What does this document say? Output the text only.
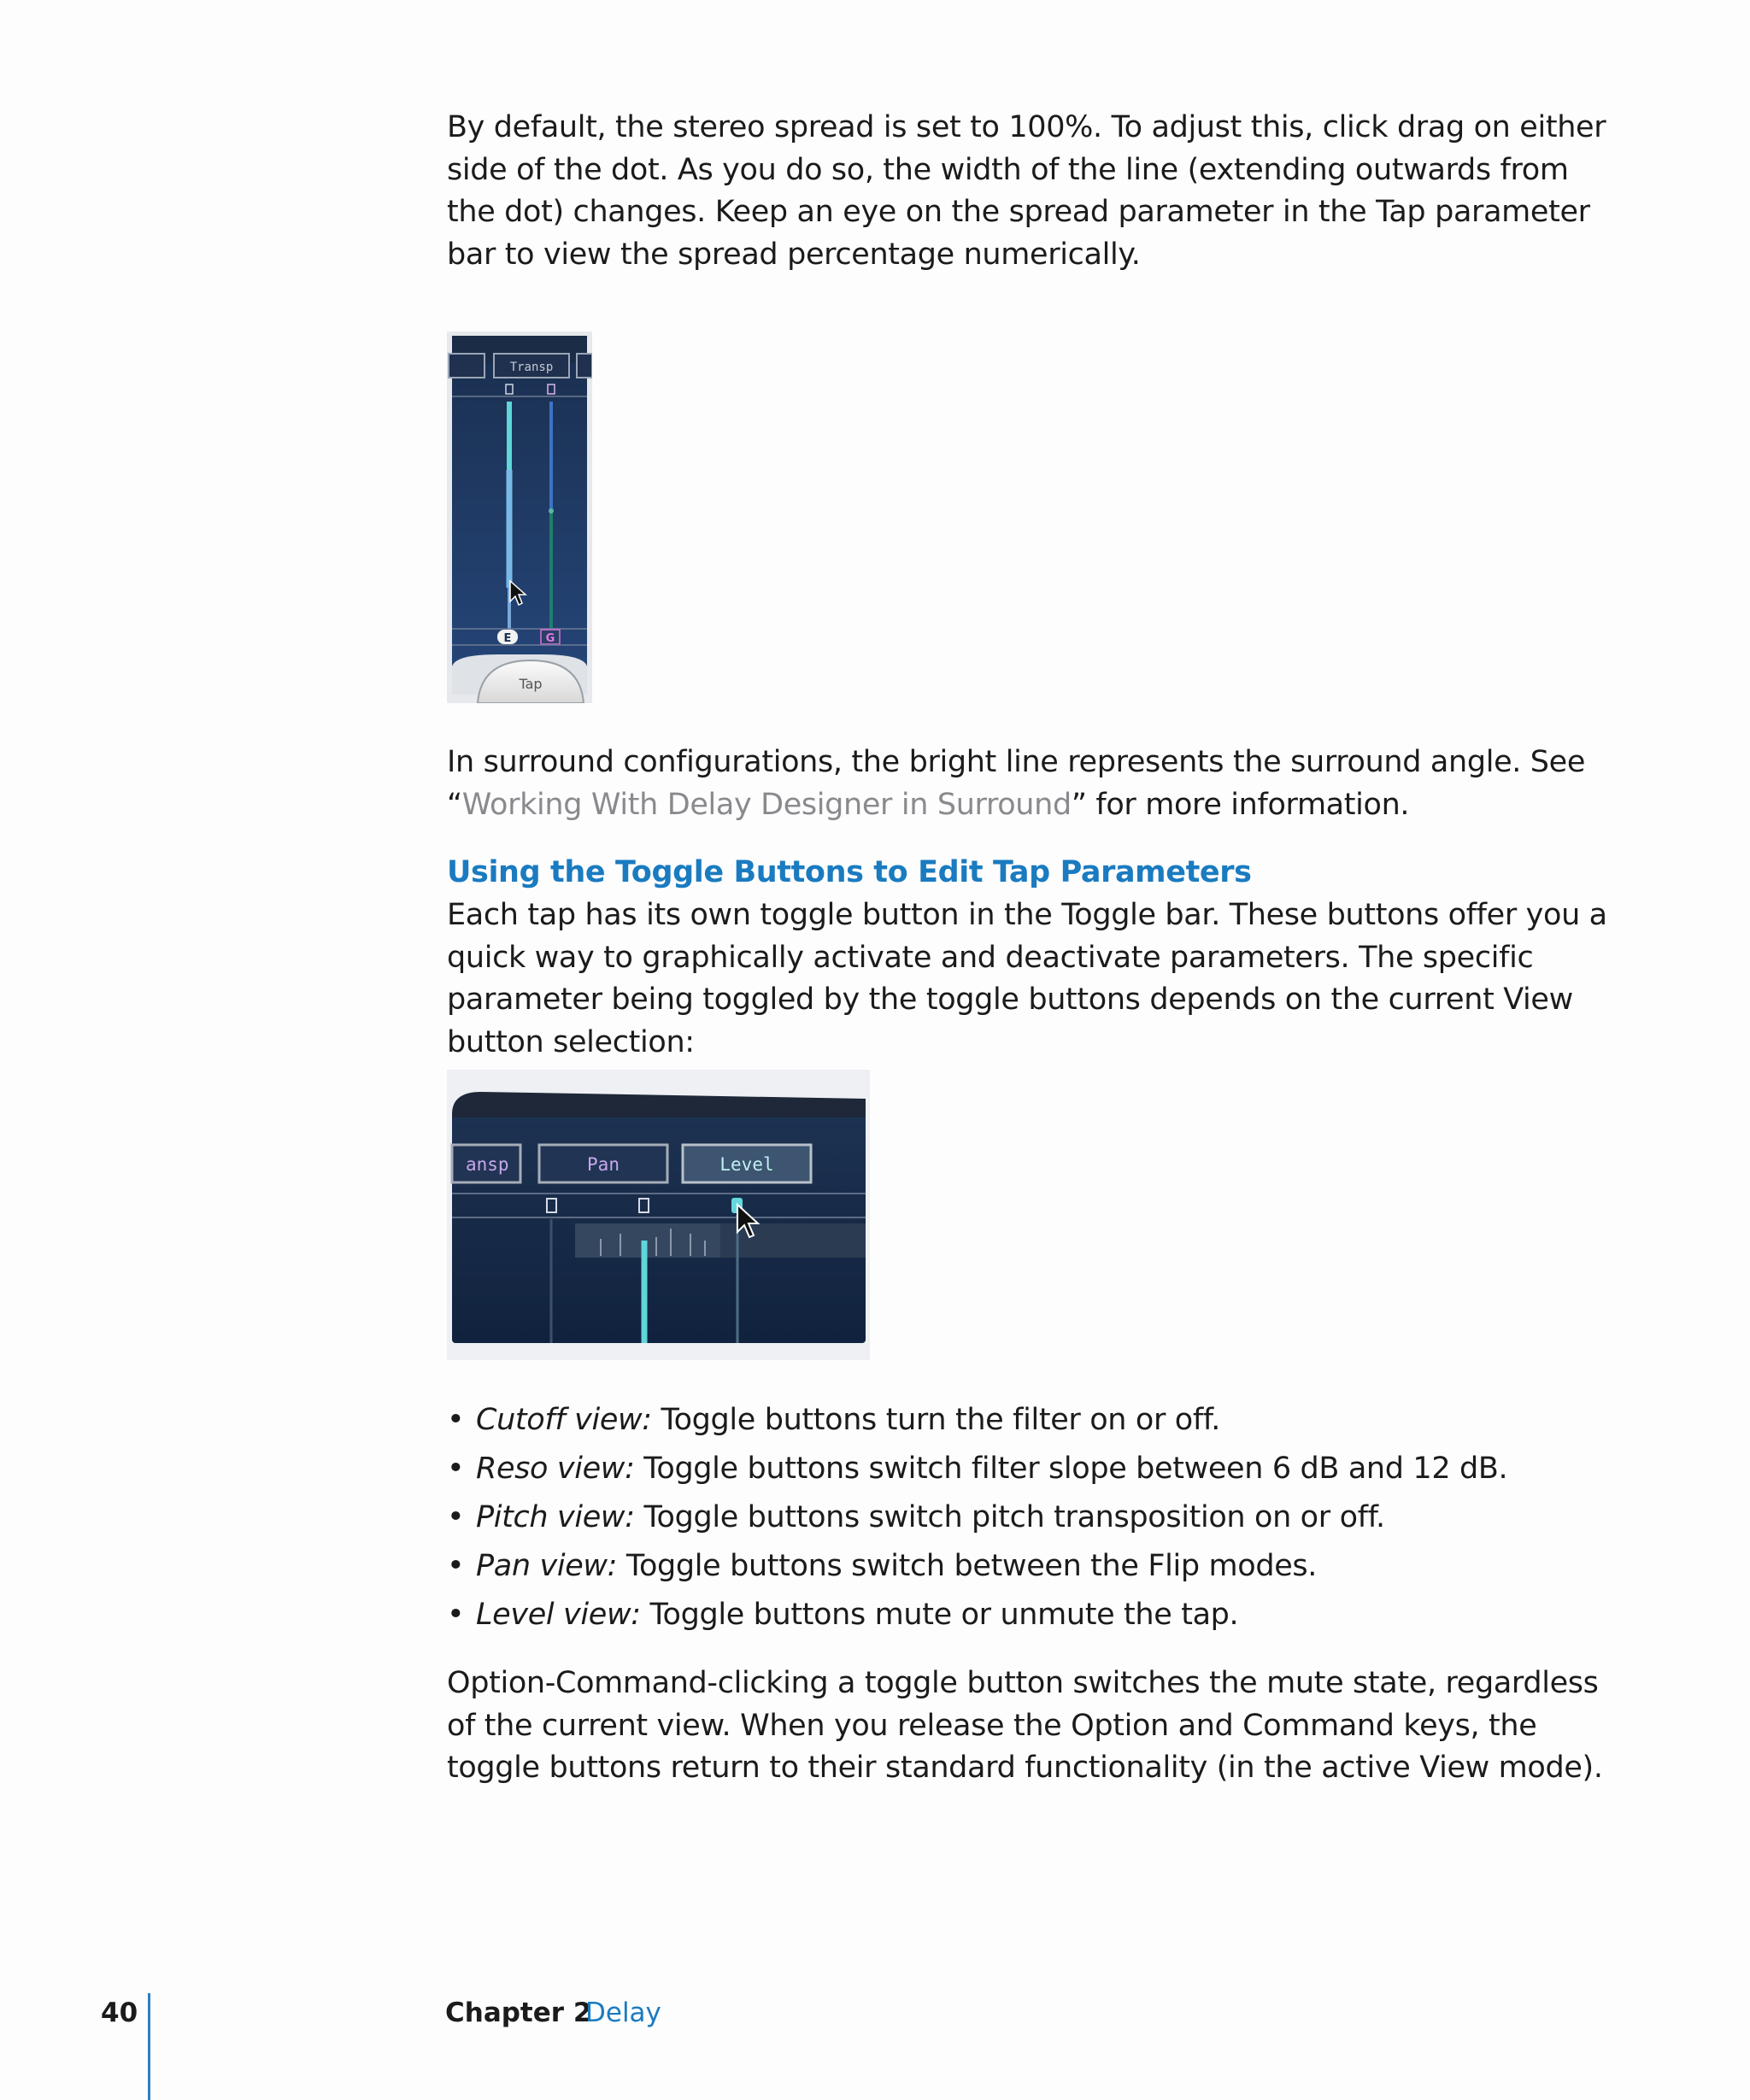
By default, the stereo spread is set to 100%. To adjust this, click drag on either side of the dot. As you do so, the width of the line (extending outwards from the dot) changes. Keep an eye on the spread parameter in the Tap parameter bar to view the spread percentage numerically.

Transp
E	G
Tap

In surround configurations, the bright line represents the surround angle. See “Working With Delay Designer in Surround” for more information.

Using the Toggle Buttons to Edit Tap Parameters

Each tap has its own toggle button in the Toggle bar. These buttons offer you a quick way to graphically activate and deactivate parameters. The specific parameter being toggled by the toggle buttons depends on the current View button selection:

ansp	Pan	Level
• Cutoff view: Toggle buttons turn the filter on or off.
• Reso view: Toggle buttons switch filter slope between 6 dB and 12 dB.
• Pitch view: Toggle buttons switch pitch transposition on or off.
• Pan view: Toggle buttons switch between the Flip modes.
• Level view: Toggle buttons mute or unmute the tap.

Option-Command-clicking a toggle button switches the mute state, regardless of the current view. When you release the Option and Command keys, the toggle buttons return to their standard functionality (in the active View mode).

40	Chapter 2
Delay
